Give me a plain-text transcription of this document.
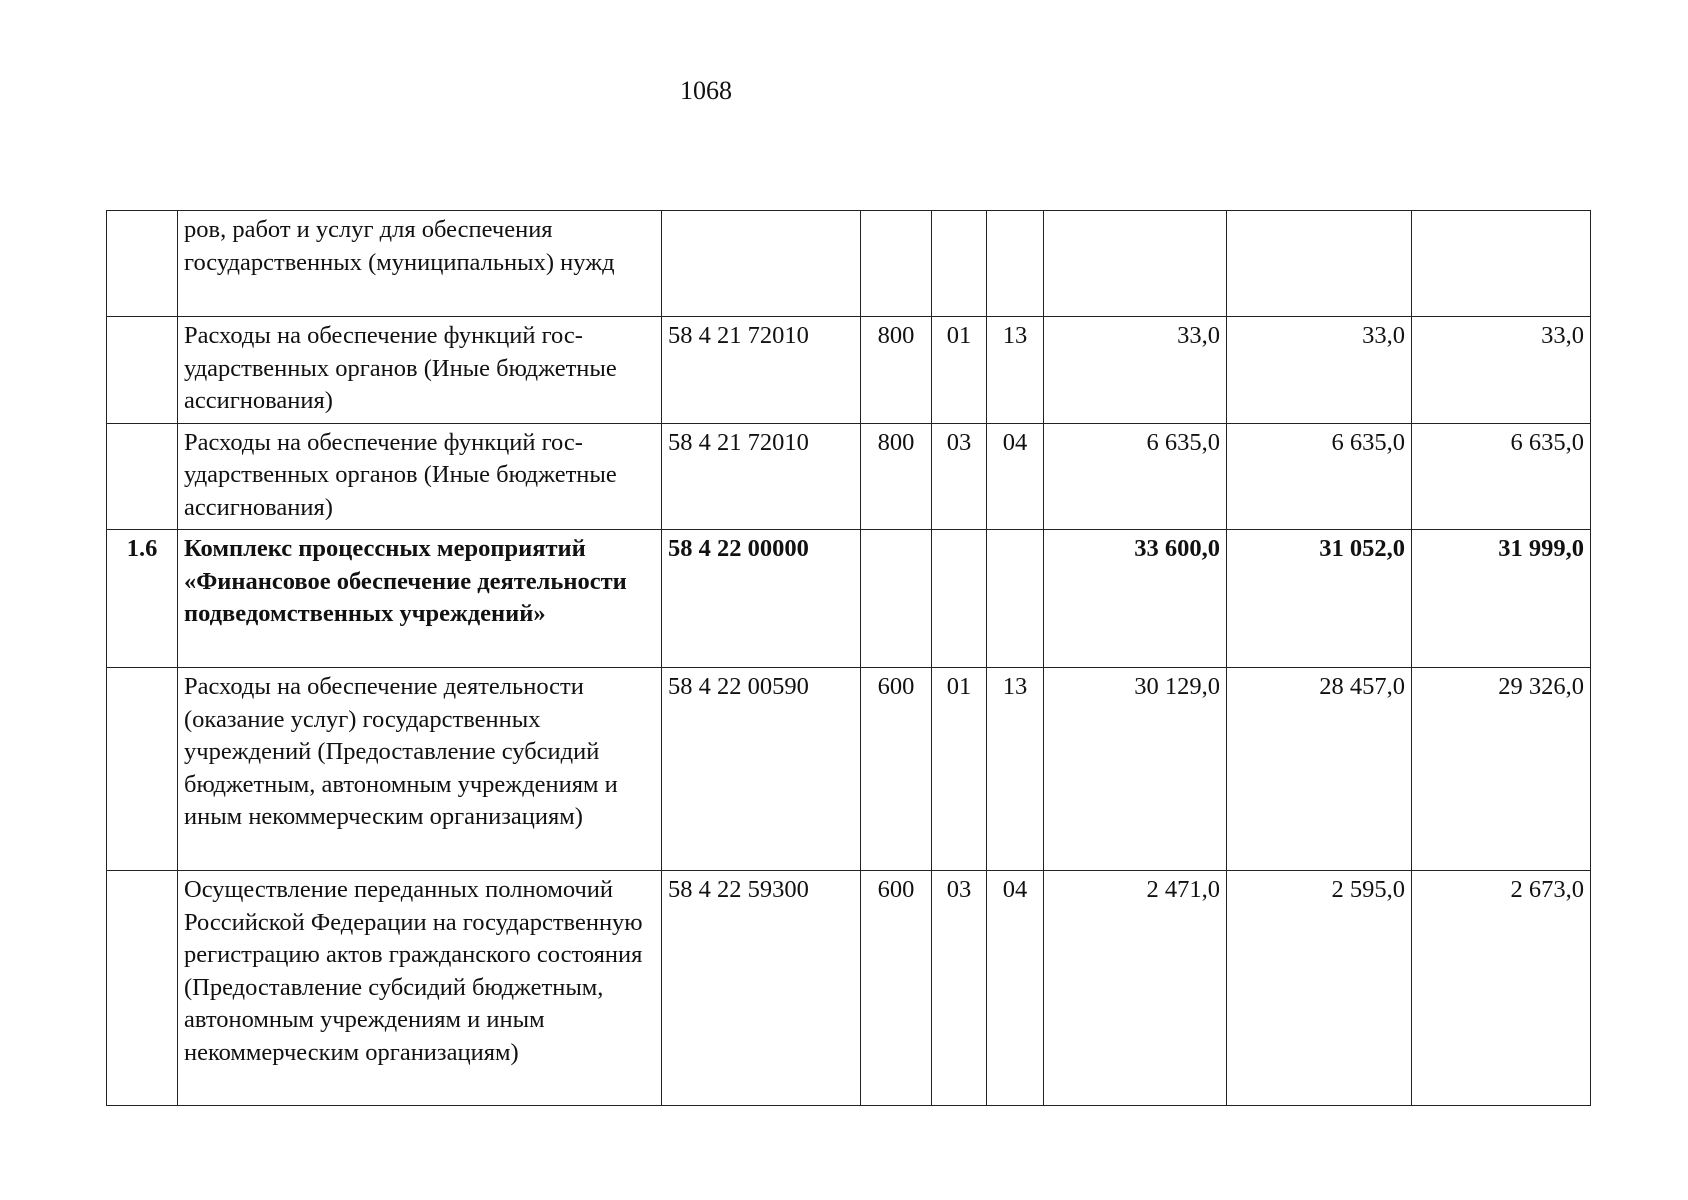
1068
	ров, работ и услуг для обеспечения государственных (муниципальных) нужд							
	Расходы на обеспечение функций государственных органов (Иные бюджетные ассигнования)	58 4 21 72010	800	01	13	33,0	33,0	33,0
	Расходы на обеспечение функций государственных органов (Иные бюджетные ассигнования)	58 4 21 72010	800	03	04	6 635,0	6 635,0	6 635,0
1.6	Комплекс процессных мероприятий «Финансовое обеспечение деятельности подведомственных учреждений»	58 4 22 00000				33 600,0	31 052,0	31 999,0
	Расходы на обеспечение деятельности (оказание услуг) государственных учреждений (Предоставление субсидий бюджетным, автономным учреждениям и иным некоммерческим организациям)	58 4 22 00590	600	01	13	30 129,0	28 457,0	29 326,0
	Осуществление переданных полномочий Российской Федерации на государственную регистрацию актов гражданского состояния (Предоставление субсидий бюджетным, автономным учреждениям и иным некоммерческим организациям)	58 4 22 59300	600	03	04	2 471,0	2 595,0	2 673,0
